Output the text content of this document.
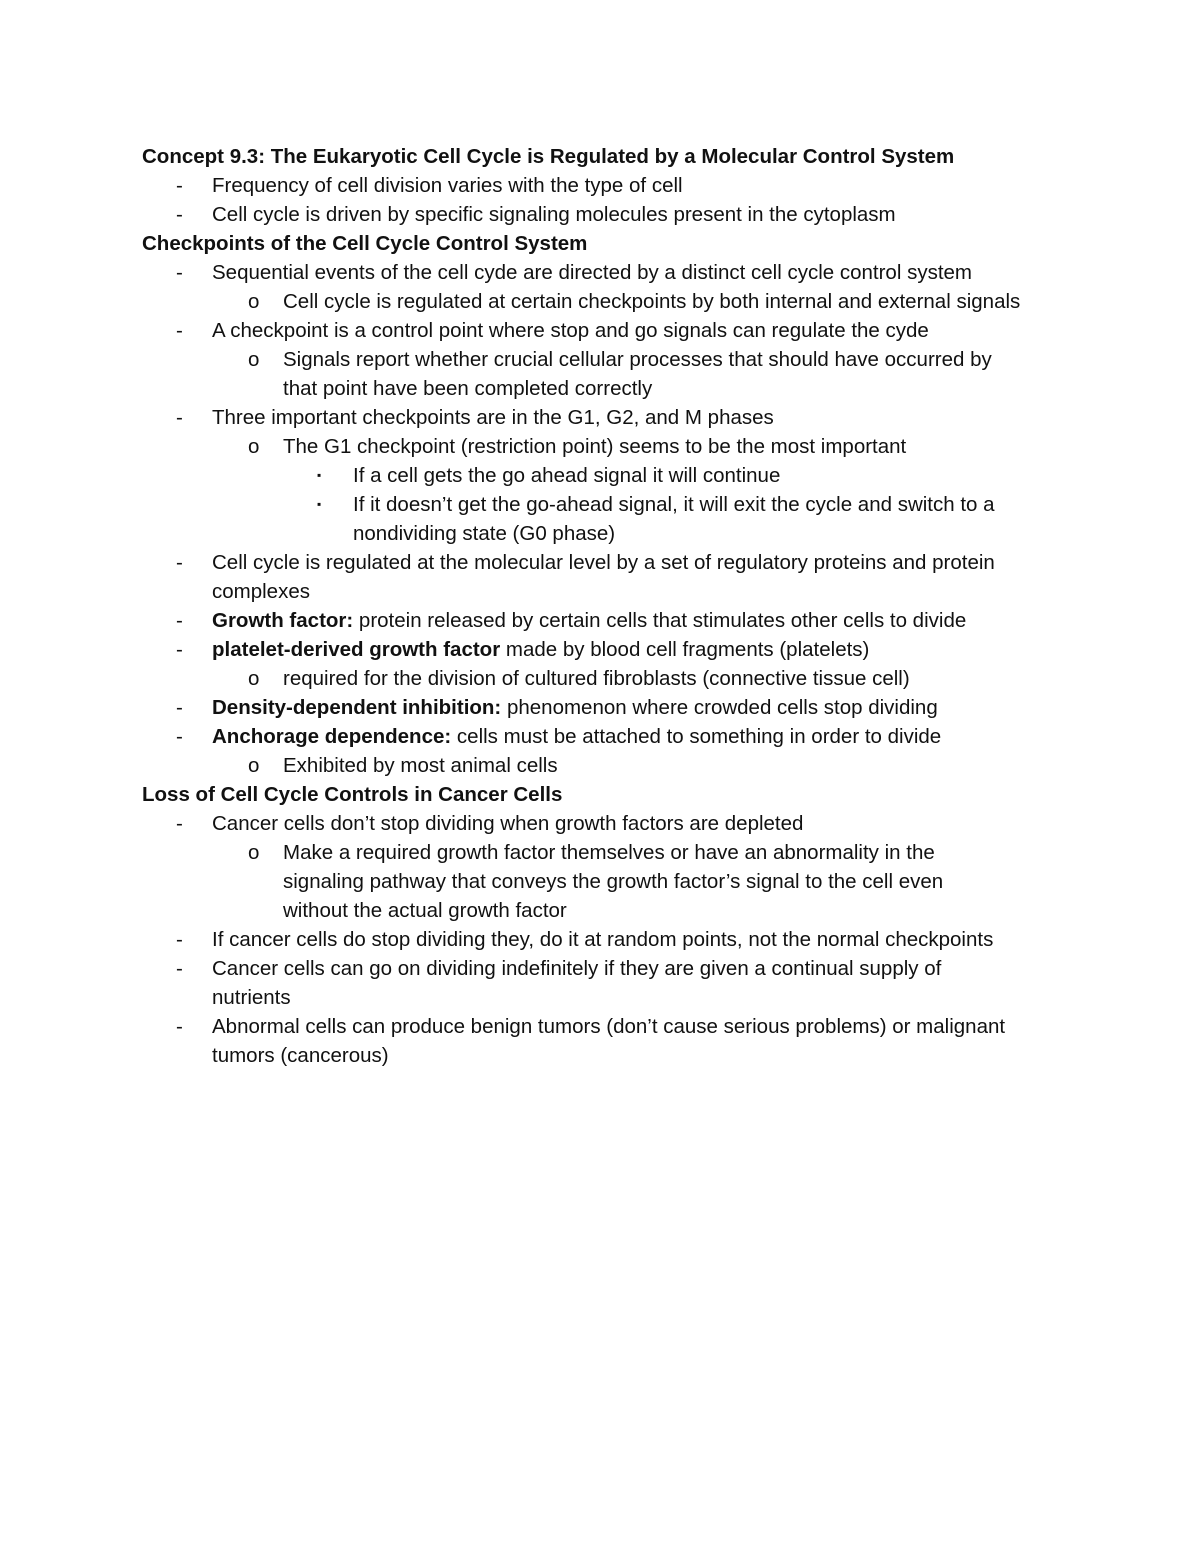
Concept 9.3: The Eukaryotic Cell Cycle is Regulated by a Molecular Control System
- Frequency of cell division varies with the type of cell
- Cell cycle is driven by specific signaling molecules present in the cytoplasm
Checkpoints of the Cell Cycle Control System
- Sequential events of the cell cyde are directed by a distinct cell cycle control system
o Cell cycle is regulated at certain checkpoints by both internal and external signals
- A checkpoint is a control point where stop and go signals can regulate the cyde
o Signals report whether crucial cellular processes that should have occurred by
that point have been completed correctly
- Three important checkpoints are in the G1, G2, and M phases
o The G1 checkpoint (restriction point) seems to be the most important
▪ If a cell gets the go ahead signal it will continue
▪ If it doesn’t get the go-ahead signal, it will exit the cycle and switch to a
nondividing state (G0 phase)
- Cell cycle is regulated at the molecular level by a set of regulatory proteins and protein
complexes
- Growth factor: protein released by certain cells that stimulates other cells to divide
- platelet-derived growth factor made by blood cell fragments (platelets)
o required for the division of cultured fibroblasts (connective tissue cell)
- Density-dependent inhibition: phenomenon where crowded cells stop dividing
- Anchorage dependence: cells must be attached to something in order to divide
o Exhibited by most animal cells
Loss of Cell Cycle Controls in Cancer Cells
- Cancer cells don’t stop dividing when growth factors are depleted
o Make a required growth factor themselves or have an abnormality in the
signaling pathway that conveys the growth factor’s signal to the cell even
without the actual growth factor
- If cancer cells do stop dividing they, do it at random points, not the normal checkpoints
- Cancer cells can go on dividing indefinitely if they are given a continual supply of
nutrients
- Abnormal cells can produce benign tumors (don’t cause serious problems) or malignant
tumors (cancerous)
